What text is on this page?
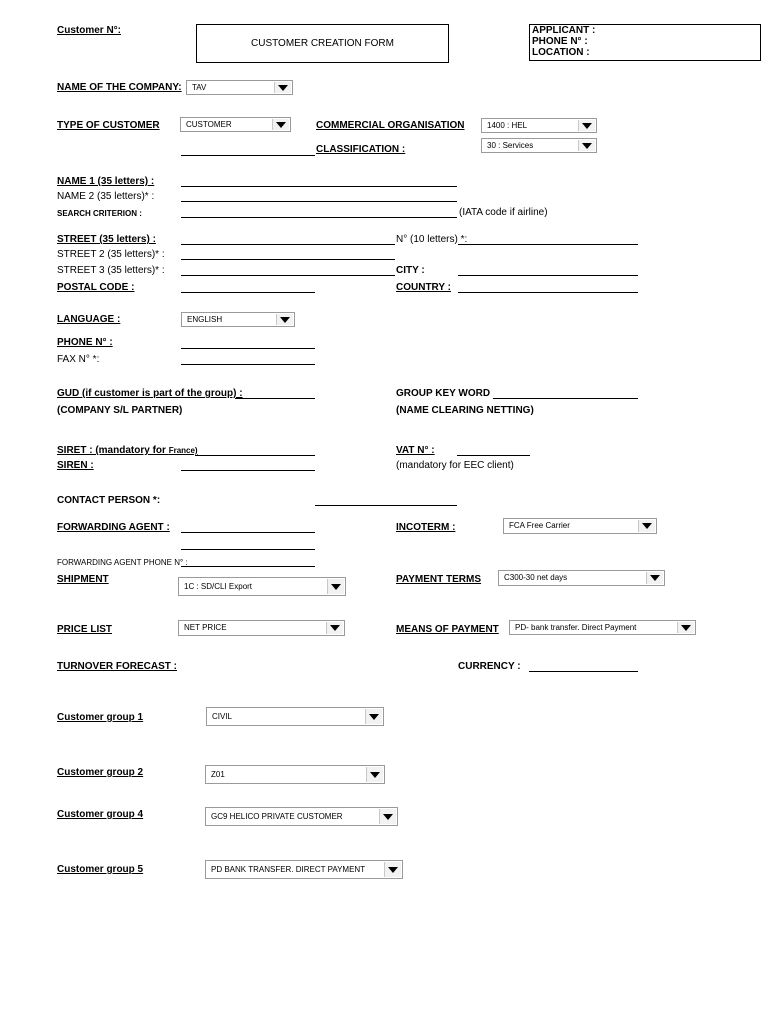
Customer N°:
CUSTOMER CREATION FORM
APPLICANT :
PHONE N° :
LOCATION :
NAME OF THE COMPANY: TAV
TYPE OF CUSTOMER	CUSTOMER	COMMERCIAL ORGANISATION	1400 : HEL
CLASSIFICATION :	30 : Services
NAME 1 (35 letters) :
NAME 2 (35 letters)* :
SEARCH CRITERION :	(IATA code if airline)
STREET (35 letters) :	N° (10 letters) *:
STREET 2 (35 letters)* :
STREET 3 (35 letters)* :	CITY :
POSTAL CODE :	COUNTRY :
LANGUAGE :	ENGLISH
PHONE N° :
FAX N° *:
GUD (if customer is part of the group) :
(COMPANY S/L PARTNER)
GROUP KEY WORD
(NAME CLEARING NETTING)
SIRET : (mandatory for France)
SIREN :
VAT N° :
(mandatory for EEC client)
CONTACT PERSON *:
FORWARDING AGENT :	INCOTERM :	FCA Free Carrier
FORWARDING AGENT PHONE N° :
SHIPMENT
1C : SD/CLI Export
PAYMENT TERMS	C300-30 net days
PRICE LIST	NET PRICE	MEANS OF PAYMENT PD- bank transfer. Direct Payment
TURNOVER FORECAST :	CURRENCY :
Customer group 1	CIVIL
Customer group 2	Z01
Customer group 4	GC9 HELICO PRIVATE CUSTOMER
Customer group 5	PD BANK TRANSFER. DIRECT PAYMENT
